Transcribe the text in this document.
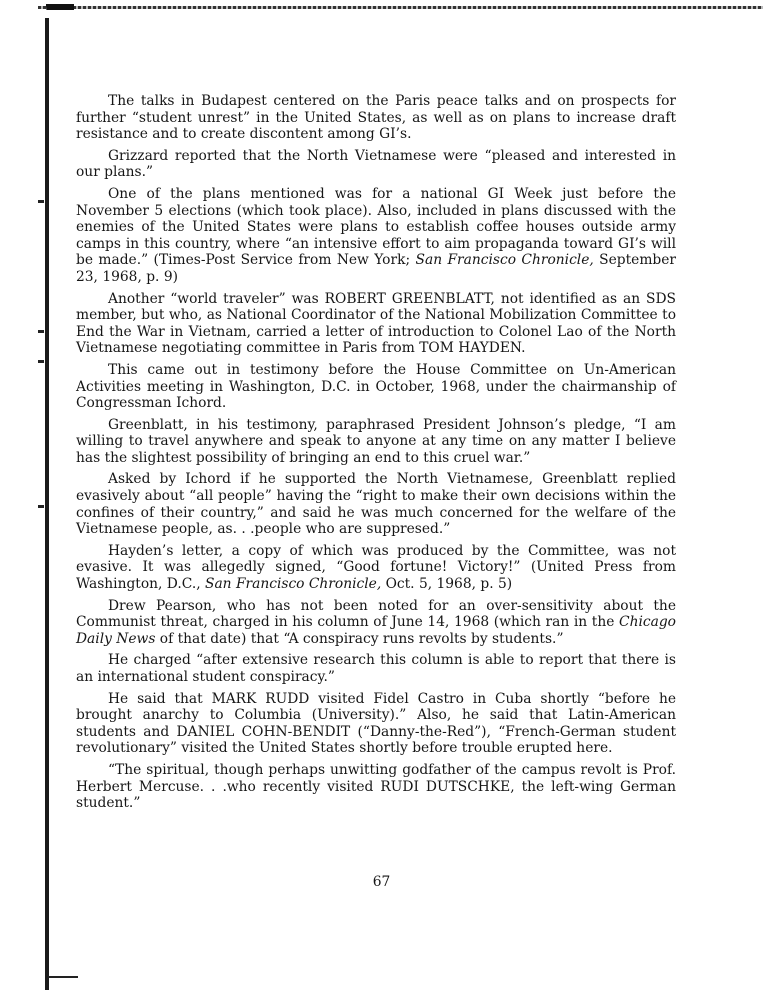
The talks in Budapest centered on the Paris peace talks and on prospects for further “student unrest” in the United States, as well as on plans to increase draft resistance and to create discontent among GI’s.

Grizzard reported that the North Vietnamese were “pleased and interested in our plans.”

One of the plans mentioned was for a national GI Week just before the November 5 elections (which took place). Also, included in plans discussed with the enemies of the United States were plans to establish coffee houses outside army camps in this country, where “an intensive effort to aim propaganda toward GI’s will be made.” (Times-Post Service from New York; San Francisco Chronicle, September 23, 1968, p. 9)

Another “world traveler” was ROBERT GREENBLATT, not identified as an SDS member, but who, as National Coordinator of the National Mobilization Committee to End the War in Vietnam, carried a letter of introduction to Colonel Lao of the North Vietnamese negotiating committee in Paris from TOM HAYDEN.

This came out in testimony before the House Committee on Un-American Activities meeting in Washington, D.C. in October, 1968, under the chairmanship of Congressman Ichord.

Greenblatt, in his testimony, paraphrased President Johnson’s pledge, “I am willing to travel anywhere and speak to anyone at any time on any matter I believe has the slightest possibility of bringing an end to this cruel war.”

Asked by Ichord if he supported the North Vietnamese, Greenblatt replied evasively about “all people” having the “right to make their own decisions within the confines of their country,” and said he was much concerned for the welfare of the Vietnamese people, as. . .people who are suppresed.”

Hayden’s letter, a copy of which was produced by the Committee, was not evasive. It was allegedly signed, “Good fortune! Victory!” (United Press from Washington, D.C., San Francisco Chronicle, Oct. 5, 1968, p. 5)

Drew Pearson, who has not been noted for an over-sensitivity about the Communist threat, charged in his column of June 14, 1968 (which ran in the Chicago Daily News of that date) that “A conspiracy runs revolts by students.”

He charged “after extensive research this column is able to report that there is an international student conspiracy.”

He said that MARK RUDD visited Fidel Castro in Cuba shortly “before he brought anarchy to Columbia (University).” Also, he said that Latin-American students and DANIEL COHN-BENDIT (“Danny-the-Red”), “French-German student revolutionary” visited the United States shortly before trouble erupted here.

“The spiritual, though perhaps unwitting godfather of the campus revolt is Prof. Herbert Mercuse. . .who recently visited RUDI DUTSCHKE, the left-wing German student.”

67
